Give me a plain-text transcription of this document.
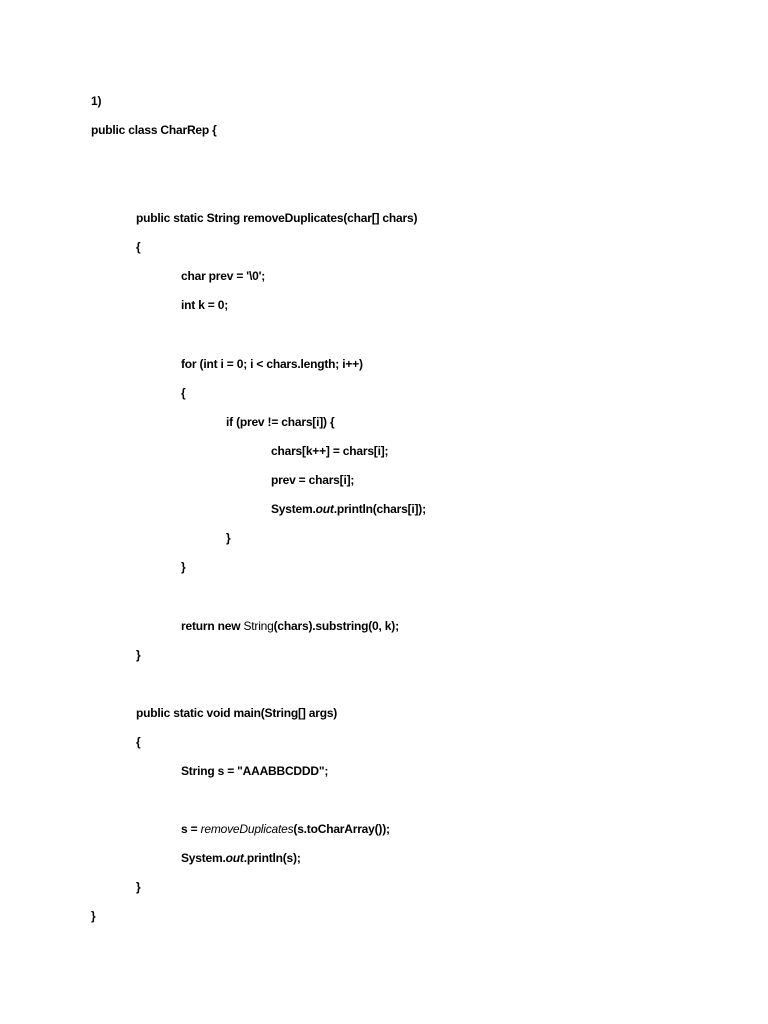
1)
public class CharRep {
public static String removeDuplicates(char[] chars)
{
char prev = '\0';
int k = 0;
for (int i = 0; i < chars.length; i++)
{
if (prev != chars[i]) {
chars[k++] = chars[i];
prev = chars[i];
System.out.println(chars[i]);
}
}
return new String(chars).substring(0, k);
}
public static void main(String[] args)
{
String s = "AAABBCDDD";
s = removeDuplicates(s.toCharArray());
System.out.println(s);
}
}
